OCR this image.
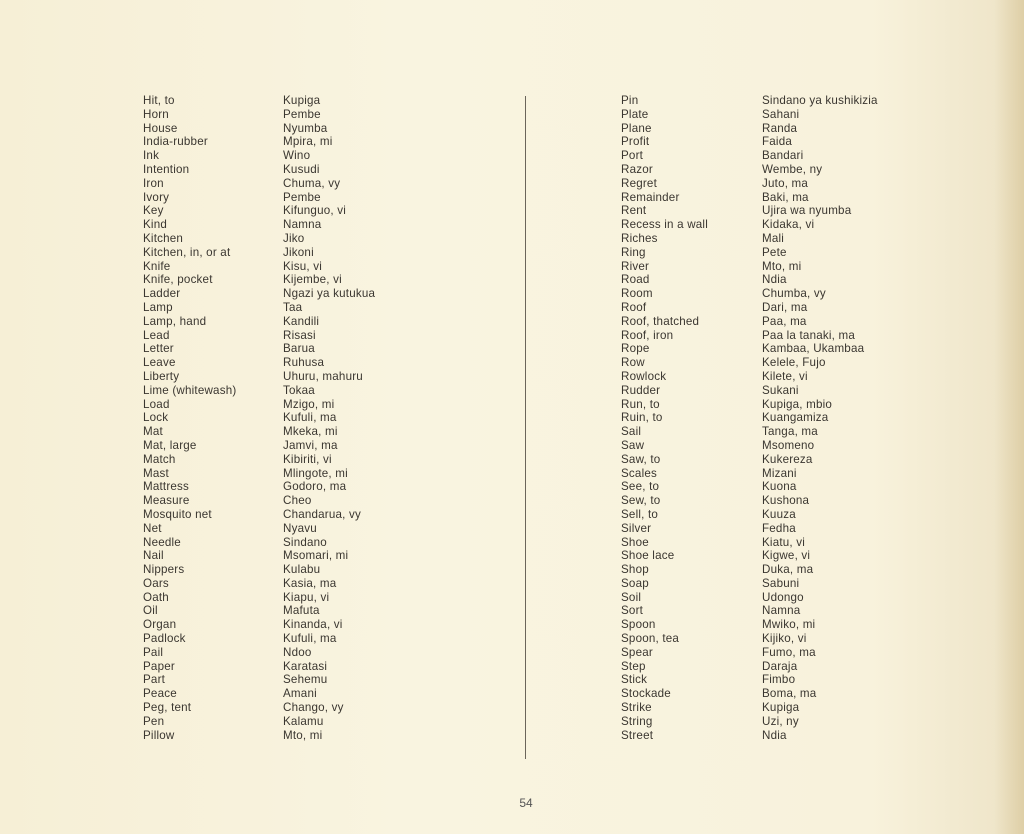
Hit, to	Kupiga
Horn	Pembe
House	Nyumba
India-rubber	Mpira, mi
Ink	Wino
Intention	Kusudi
Iron	Chuma, vy
Ivory	Pembe
Key	Kifunguo, vi
Kind	Namna
Kitchen	Jiko
Kitchen, in, or at	Jikoni
Knife	Kisu, vi
Knife, pocket	Kijembe, vi
Ladder	Ngazi ya kutukua
Lamp	Taa
Lamp, hand	Kandili
Lead	Risasi
Letter	Barua
Leave	Ruhusa
Liberty	Uhuru, mahuru
Lime (whitewash)	Tokaa
Load	Mzigo, mi
Lock	Kufuli, ma
Mat	Mkeka, mi
Mat, large	Jamvi, ma
Match	Kibiriti, vi
Mast	Mlingote, mi
Mattress	Godoro, ma
Measure	Cheo
Mosquito net	Chandarua, vy
Net	Nyavu
Needle	Sindano
Nail	Msomari, mi
Nippers	Kulabu
Oars	Kasia, ma
Oath	Kiapu, vi
Oil	Mafuta
Organ	Kinanda, vi
Padlock	Kufuli, ma
Pail	Ndoo
Paper	Karatasi
Part	Sehemu
Peace	Amani
Peg, tent	Chango, vy
Pen	Kalamu
Pillow	Mto, mi
Pin	Sindano ya kushikizia
Plate	Sahani
Plane	Randa
Profit	Faida
Port	Bandari
Razor	Wembe, ny
Regret	Juto, ma
Remainder	Baki, ma
Rent	Ujira wa nyumba
Recess in a wall	Kidaka, vi
Riches	Mali
Ring	Pete
River	Mto, mi
Road	Ndia
Room	Chumba, vy
Roof	Dari, ma
Roof, thatched	Paa, ma
Roof, iron	Paa la tanaki, ma
Rope	Kambaa, Ukambaa
Row	Kelele, Fujo
Rowlock	Kilete, vi
Rudder	Sukani
Run, to	Kupiga, mbio
Ruin, to	Kuangamiza
Sail	Tanga, ma
Saw	Msomeno
Saw, to	Kukereza
Scales	Mizani
See, to	Kuona
Sew, to	Kushona
Sell, to	Kuuza
Silver	Fedha
Shoe	Kiatu, vi
Shoe lace	Kigwe, vi
Shop	Duka, ma
Soap	Sabuni
Soil	Udongo
Sort	Namna
Spoon	Mwiko, mi
Spoon, tea	Kijiko, vi
Spear	Fumo, ma
Step	Daraja
Stick	Fimbo
Stockade	Boma, ma
Strike	Kupiga
String	Uzi, ny
Street	Ndia
54
